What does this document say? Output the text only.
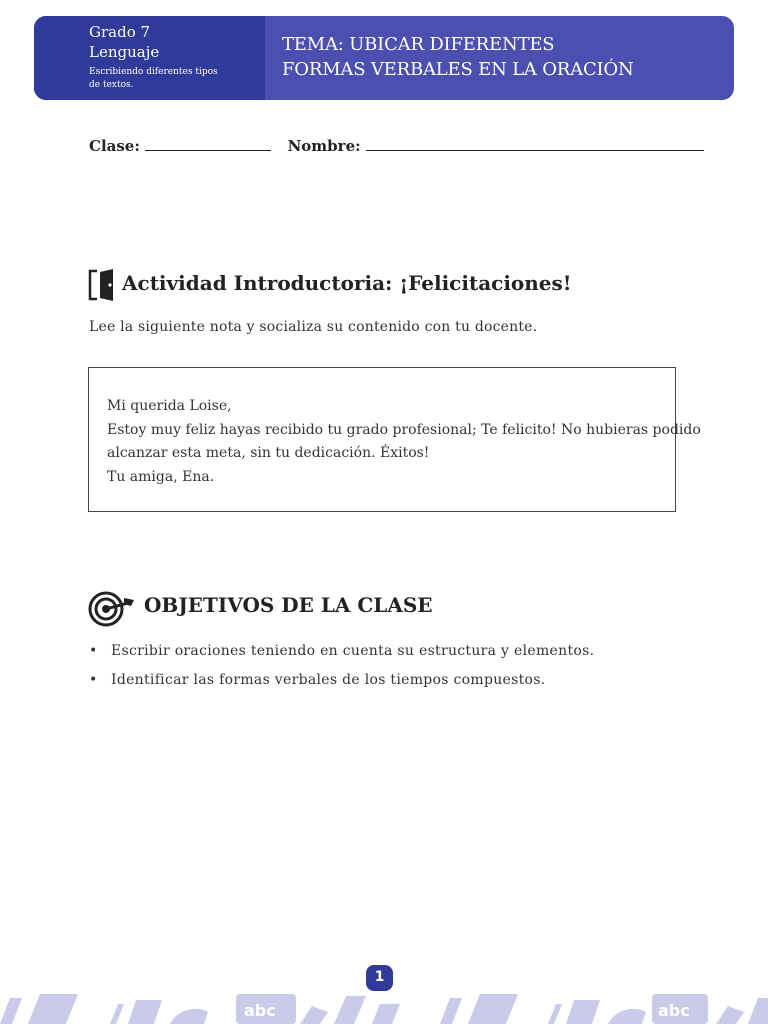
Grado 7
Lenguaje
Escribiendo diferentes tipos de textos.
TEMA: UBICAR DIFERENTES
FORMAS VERBALES EN LA ORACIÓN
Clase:	Nombre:
Actividad Introductoria: ¡Felicitaciones!
Lee la siguiente nota y socializa su contenido con tu docente.
Mi querida Loise,
Estoy muy feliz hayas recibido tu grado profesional; Te felicito! No hubieras podido
alcanzar esta meta, sin tu dedicación. Éxitos!
Tu amiga, Ena.
OBJETIVOS DE LA CLASE
• Escribir oraciones teniendo en cuenta su estructura y elementos.
• Identificar las formas verbales de los tiempos compuestos.
1
abc	abc
